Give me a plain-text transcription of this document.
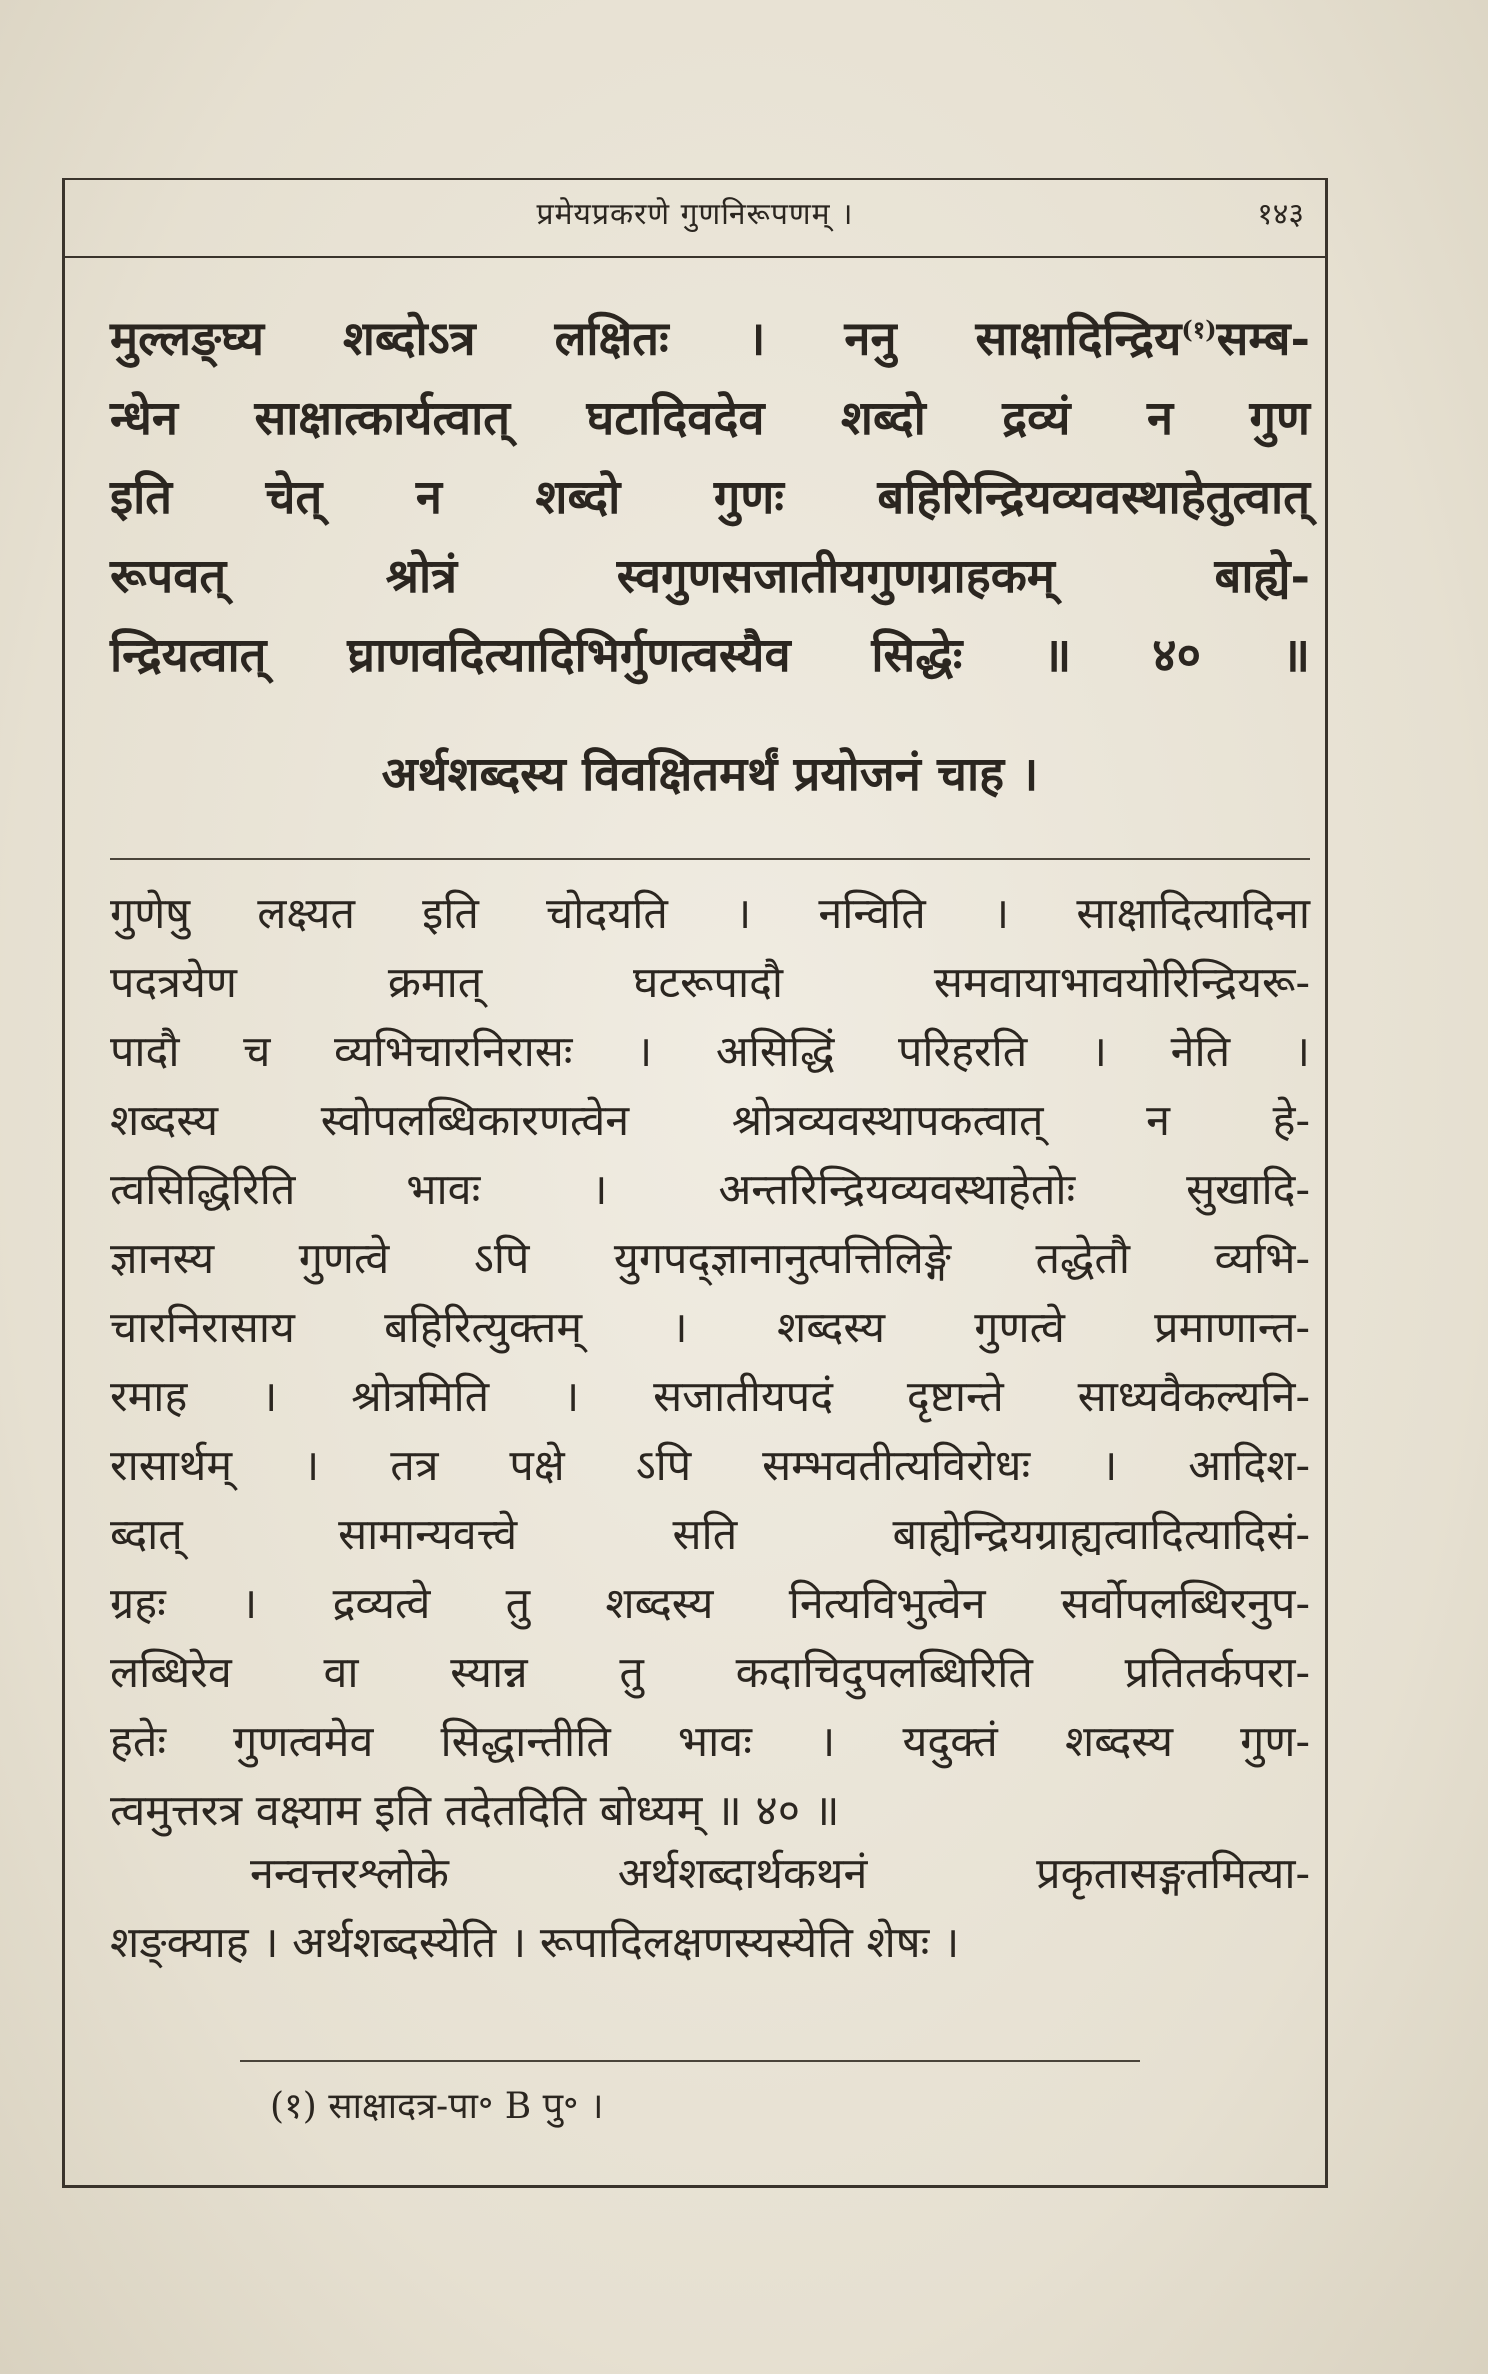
प्रमेयप्रकरणे गुणनिरूपणम् ।	१४३
मुल्लङ्घ्य शब्दोऽत्र लक्षितः । ननु साक्षादिन्द्रिय$^{(१)}$सम्ब-
न्धेन साक्षात्कार्यत्वात् घटादिवदेव शब्दो द्रव्यं न गुण
इति चेत् न शब्दो गुणः बहिरिन्द्रियव्यवस्थाहेतुत्वात्
रूपवत् श्रोत्रं स्वगुणसजातीयगुणग्राहकम् बाह्ये-
न्द्रियत्वात् घ्राणवदित्यादिभिर्गुणत्वस्यैव सिद्धेः ॥ ४० ॥
अर्थशब्दस्य विवक्षितमर्थं प्रयोजनं चाह ।
गुणेषु लक्ष्यत इति चोदयति । नन्विति । साक्षादित्यादिना
पदत्रयेण क्रमात् घटरूपादौ समवायाभावयोरिन्द्रियरू-
पादौ च व्यभिचारनिरासः । असिद्धिं परिहरति । नेति ।
शब्दस्य स्वोपलब्धिकारणत्वेन श्रोत्रव्यवस्थापकत्वात् न हे-
त्वसिद्धिरिति भावः । अन्तरिन्द्रियव्यवस्थाहेतोः सुखादि-
ज्ञानस्य गुणत्वे ऽपि युगपद्ज्ञानानुत्पत्तिलिङ्गे तद्धेतौ व्यभि-
चारनिरासाय बहिरित्युक्तम् । शब्दस्य गुणत्वे प्रमाणान्त-
रमाह । श्रोत्रमिति । सजातीयपदं दृष्टान्ते साध्यवैकल्यनि-
रासार्थम् । तत्र पक्षे ऽपि सम्भवतीत्यविरोधः । आदिश-
ब्दात् सामान्यवत्त्वे सति बाह्येन्द्रियग्राह्यत्वादित्यादिसं-
ग्रहः । द्रव्यत्वे तु शब्दस्य नित्यविभुत्वेन सर्वोपलब्धिरनुप-
लब्धिरेव वा स्यान्न तु कदाचिदुपलब्धिरिति प्रतितर्कपरा-
हतेः गुणत्वमेव सिद्धान्तीति भावः । यदुक्तं शब्दस्य गुण-
त्वमुत्तरत्र वक्ष्याम इति तदेतदिति बोध्यम् ॥ ४० ॥
नन्वत्तरश्लोके अर्थशब्दार्थकथनं प्रकृतासङ्गतमित्या-
शङ्क्याह । अर्थशब्दस्येति । रूपादिलक्षणस्यस्येति शेषः ।
(१) साक्षादत्र-पा॰ B पु॰ ।
